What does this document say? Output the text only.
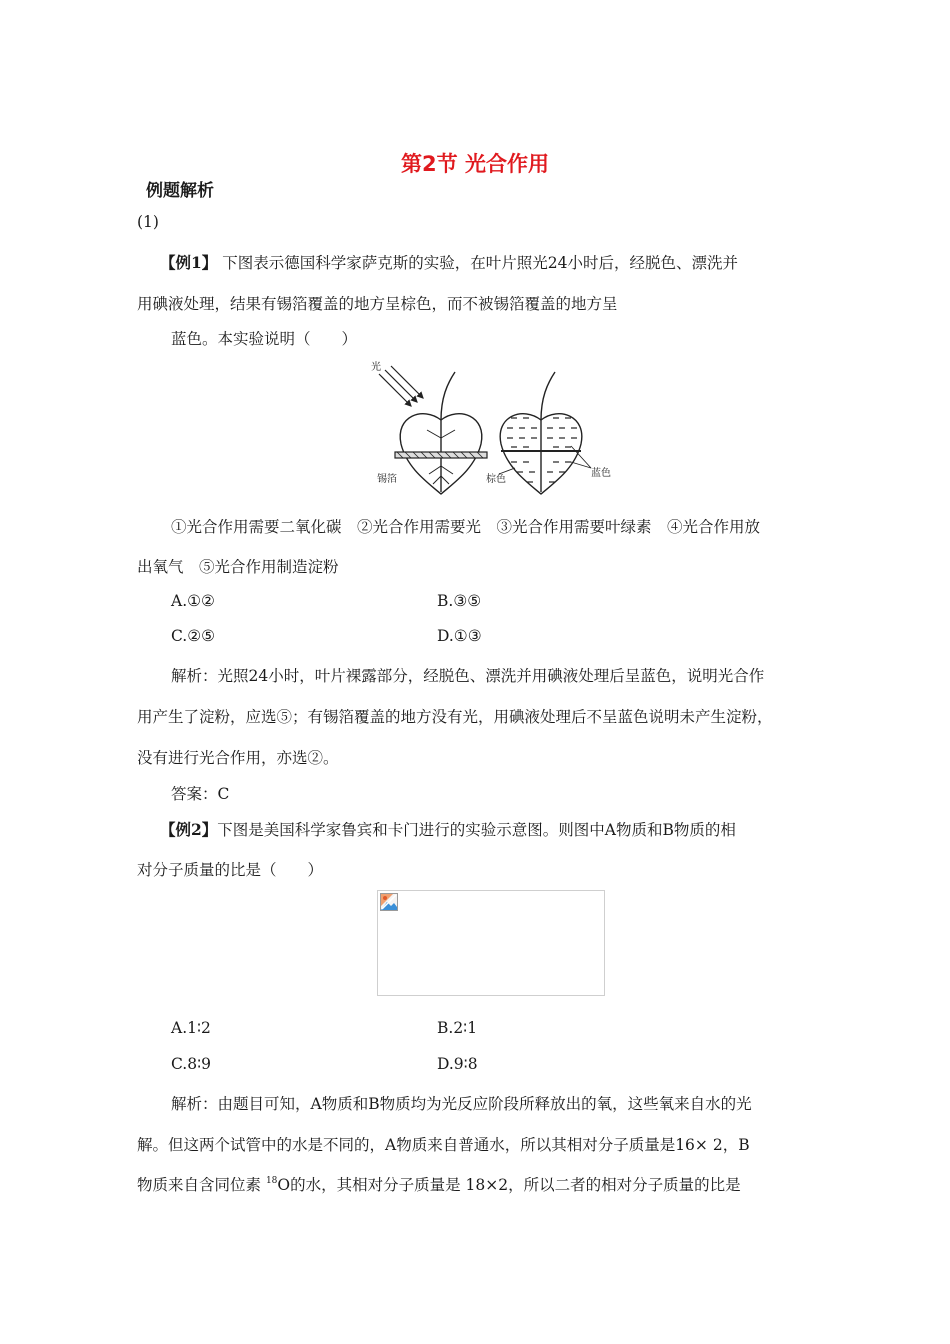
第2节 光合作用
例题解析
(1)
【例1】 下图表示德国科学家萨克斯的实验，在叶片照光24小时后，经脱色、漂洗并
用碘液处理，结果有锡箔覆盖的地方呈棕色，而不被锡箔覆盖的地方呈
蓝色。本实验说明（　　）
光
锡箔	棕色
蓝色
①光合作用需要二氧化碳　②光合作用需要光　③光合作用需要叶绿素　④光合作用放
出氧气　⑤光合作用制造淀粉
A.①②	B.③⑤
C.②⑤	D.①③
解析：光照24小时，叶片裸露部分，经脱色、漂洗并用碘液处理后呈蓝色，说明光合作
用产生了淀粉，应选⑤；有锡箔覆盖的地方没有光，用碘液处理后不呈蓝色说明未产生淀粉，
没有进行光合作用，亦选②。
答案：C
【例2】下图是美国科学家鲁宾和卡门进行的实验示意图。则图中A物质和B物质的相
对分子质量的比是（　　）
A.1∶2	B.2∶1
C.8∶9	D.9∶8
解析：由题目可知，A物质和B物质均为光反应阶段所释放出的氧，这些氧来自水的光
解。但这两个试管中的水是不同的，A物质来自普通水，所以其相对分子质量是16× 2，B
物质来自含同位素 $^{18}$O的水，其相对分子质量是 18×2，所以二者的相对分子质量的比是
